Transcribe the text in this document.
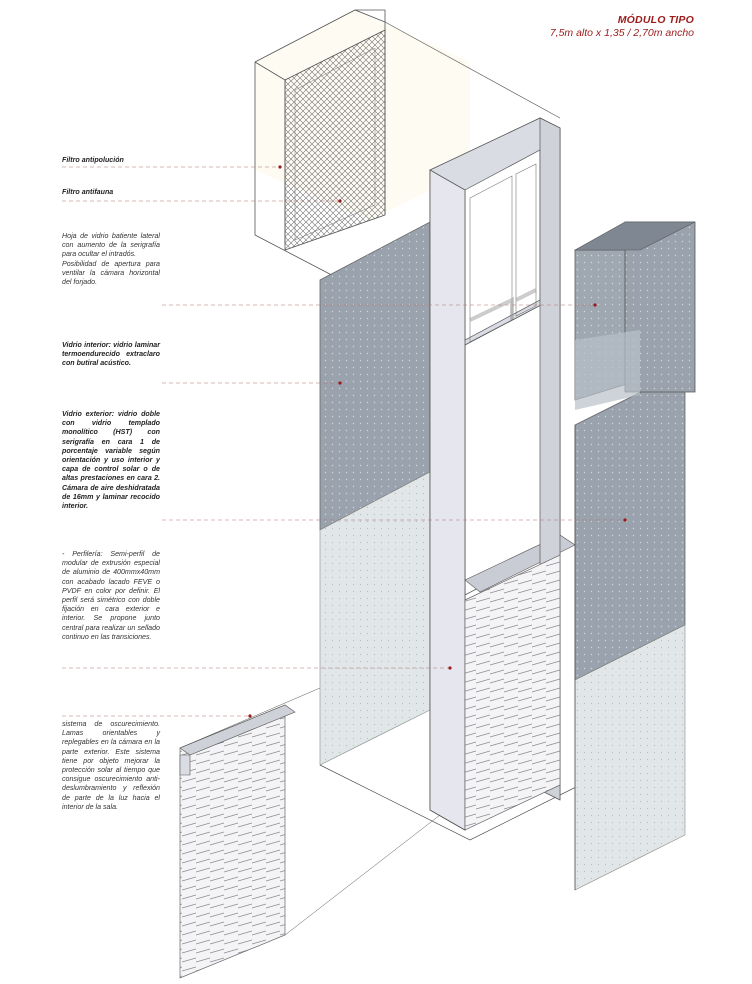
MÓDULO TIPO
7,5m alto x 1,35 / 2,70m ancho

Filtro antipolución

Filtro antifauna

Hoja de vidrio batiente lateral con aumento de la serigrafía para ocultar el intradós.

Posibilidad de apertura para ventilar la cámara horizontal del forjado.

Vidrio interior: vidrio laminar termoendurecido extraclaro con butiral acústico.

Vidrio exterior: vidrio doble con vidrio templado monolítico (HST) con serigrafía en cara 1 de porcentaje variable según orientación y uso interior y capa de control solar o de altas prestaciones en cara 2. Cámara de aire deshidratada de 16mm y laminar recocido interior.

- Perfilería: Semi-perfil de modular de extrusión especial de aluminio de 400mmx40mm con acabado lacado FEVE o PVDF en color por definir. El perfil será simétrico con doble fijación en cara exterior e interior. Se propone junto central para realizar un sellado continuo en las transiciones.

sistema de oscurecimiento. Lamas orientables y replegables en la cámara en la parte exterior. Este sistema tiene por objeto mejorar la protección solar al tiempo que consigue oscurecimiento anti-deslumbramiento y reflexión de parte de la luz hacia el interior de la sala.
